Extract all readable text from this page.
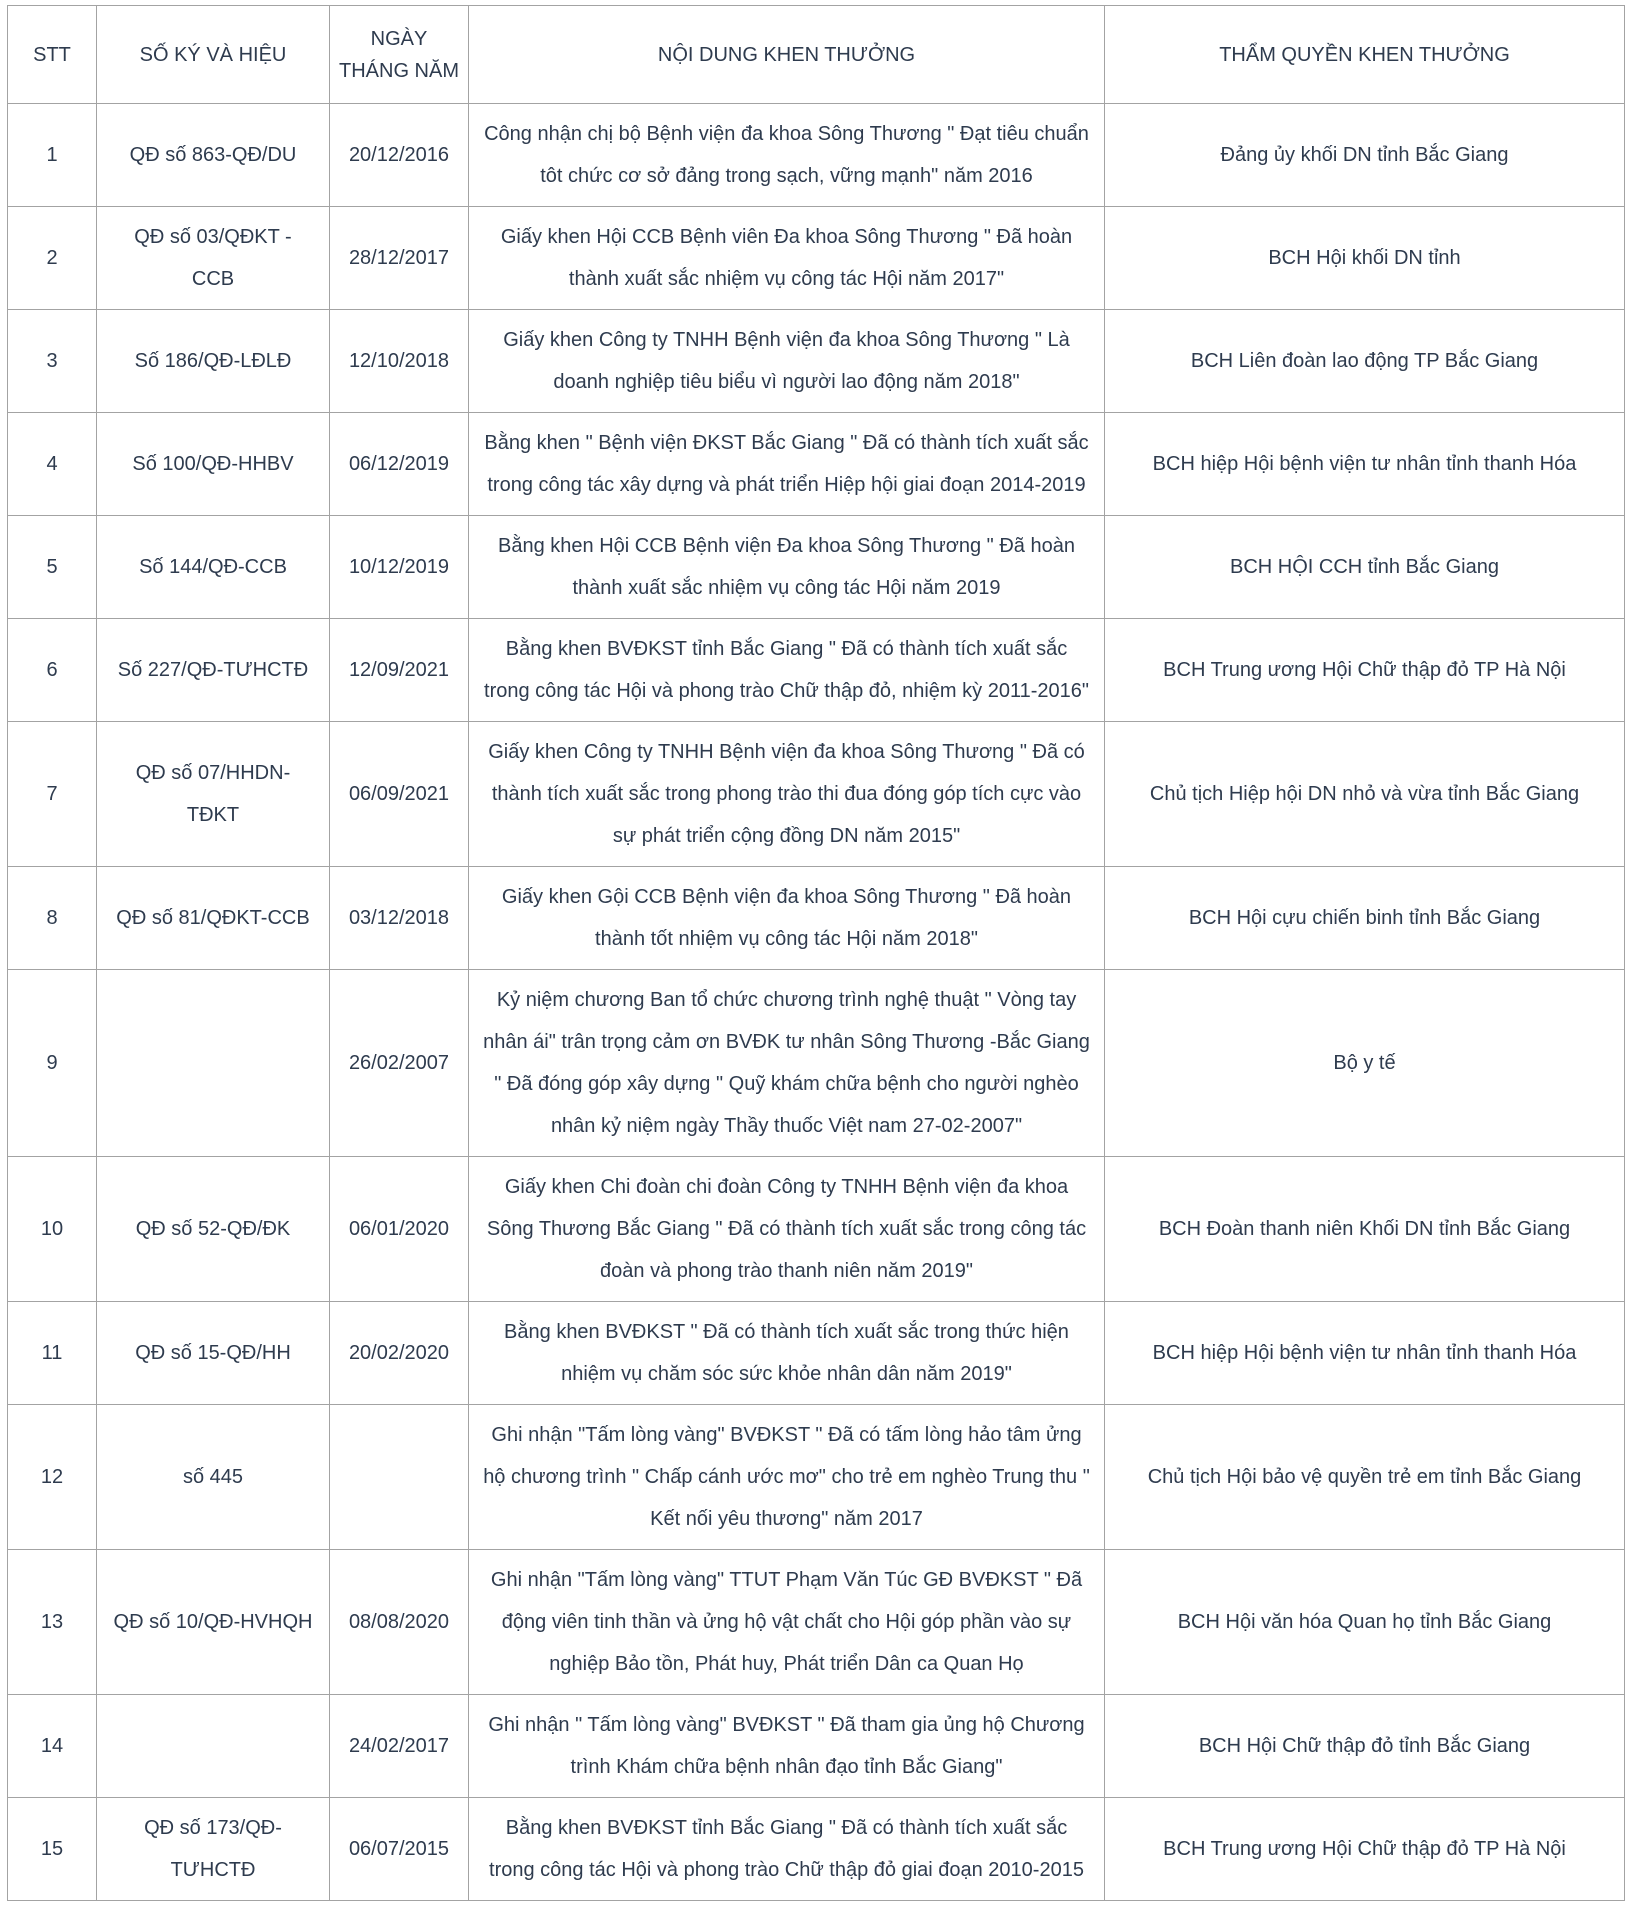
STT	SỐ KÝ VÀ HIỆU	NGÀY THÁNG NĂM	NỘI DUNG KHEN THƯỞNG	THẨM QUYỀN KHEN THƯỞNG
1	QĐ số 863-QĐ/DU	20/12/2016	Công nhận chị bộ Bệnh viện đa khoa Sông Thương " Đạt tiêu chuẩn tôt chức cơ sở đảng trong sạch, vững mạnh" năm 2016	Đảng ủy khối DN tỉnh Bắc Giang
2	QĐ số 03/QĐKT - CCB	28/12/2017	Giấy khen Hội CCB Bệnh viên Đa khoa Sông Thương " Đã hoàn thành xuất sắc nhiệm vụ công tác Hội năm 2017"	BCH Hội khối DN tỉnh
3	Số 186/QĐ-LĐLĐ	12/10/2018	Giấy khen Công ty TNHH Bệnh viện đa khoa Sông Thương " Là doanh nghiệp tiêu biểu vì người lao động năm 2018"	BCH Liên đoàn lao động TP Bắc Giang
4	Số 100/QĐ-HHBV	06/12/2019	Bằng khen " Bệnh viện ĐKST Bắc Giang " Đã có thành tích xuất sắc trong công tác xây dựng và phát triển Hiệp hội giai đoạn 2014-2019	BCH hiệp Hội bệnh viện tư nhân tỉnh thanh Hóa
5	Số 144/QĐ-CCB	10/12/2019	Bằng khen Hội CCB Bệnh viện Đa khoa Sông Thương " Đã hoàn thành xuất sắc nhiệm vụ công tác Hội năm 2019	BCH HỘI CCH tỉnh Bắc Giang
6	Số 227/QĐ-TƯHCTĐ	12/09/2021	Bằng khen BVĐKST tỉnh Bắc Giang " Đã có thành tích xuất sắc trong công tác Hội và phong trào Chữ thập đỏ, nhiệm kỳ 2011-2016"	BCH Trung ương Hội Chữ thập đỏ TP Hà Nội
7	QĐ số 07/HHDN-TĐKT	06/09/2021	Giấy khen Công ty TNHH Bệnh viện đa khoa Sông Thương " Đã có thành tích xuất sắc trong phong trào thi đua đóng góp tích cực vào sự phát triển cộng đồng DN năm 2015"	Chủ tịch Hiệp hội DN nhỏ và vừa tỉnh Bắc Giang
8	QĐ số 81/QĐKT-CCB	03/12/2018	Giấy khen Gội CCB Bệnh viện đa khoa Sông Thương " Đã hoàn thành tốt nhiệm vụ công tác Hội năm 2018"	BCH Hội cựu chiến binh tỉnh Bắc Giang
9		26/02/2007	Kỷ niệm chương Ban tổ chức chương trình nghệ thuật " Vòng tay nhân ái" trân trọng cảm ơn BVĐK tư nhân Sông Thương -Bắc Giang " Đã đóng góp xây dựng " Quỹ khám chữa bệnh cho người nghèo nhân kỷ niệm ngày Thầy thuốc Việt nam 27-02-2007"	Bộ y tế
10	QĐ số 52-QĐ/ĐK	06/01/2020	Giấy khen Chi đoàn chi đoàn Công ty TNHH Bệnh viện đa khoa Sông Thương Bắc Giang " Đã có thành tích xuất sắc trong công tác đoàn và phong trào thanh niên năm 2019"	BCH Đoàn thanh niên Khối DN tỉnh Bắc Giang
11	QĐ số 15-QĐ/HH	20/02/2020	Bằng khen BVĐKST " Đã có thành tích xuất sắc trong thức hiện nhiệm vụ chăm sóc sức khỏe nhân dân năm 2019"	BCH hiệp Hội bệnh viện tư nhân tỉnh thanh Hóa
12	số 445		Ghi nhận "Tấm lòng vàng" BVĐKST " Đã có tấm lòng hảo tâm ửng hộ chương trình " Chấp cánh ước mơ" cho trẻ em nghèo Trung thu " Kết nối yêu thương" năm 2017	Chủ tịch Hội bảo vệ quyền trẻ em tỉnh Bắc Giang
13	QĐ số 10/QĐ-HVHQH	08/08/2020	Ghi nhận "Tấm lòng vàng" TTUT Phạm Văn Túc GĐ BVĐKST " Đã động viên tinh thần và ửng hộ vật chất cho Hội góp phần vào sự nghiệp Bảo tồn, Phát huy, Phát triển Dân ca Quan Họ	BCH Hội văn hóa Quan họ tỉnh Bắc Giang
14		24/02/2017	Ghi nhận " Tấm lòng vàng" BVĐKST " Đã tham gia ủng hộ Chương trình Khám chữa bệnh nhân đạo tỉnh Bắc Giang"	BCH Hội Chữ thập đỏ tỉnh Bắc Giang
15	QĐ số 173/QĐ-TƯHCTĐ	06/07/2015	Bằng khen BVĐKST tỉnh Bắc Giang " Đã có thành tích xuất sắc trong công tác Hội và phong trào Chữ thập đỏ giai đoạn 2010-2015	BCH Trung ương Hội Chữ thập đỏ TP Hà Nội
